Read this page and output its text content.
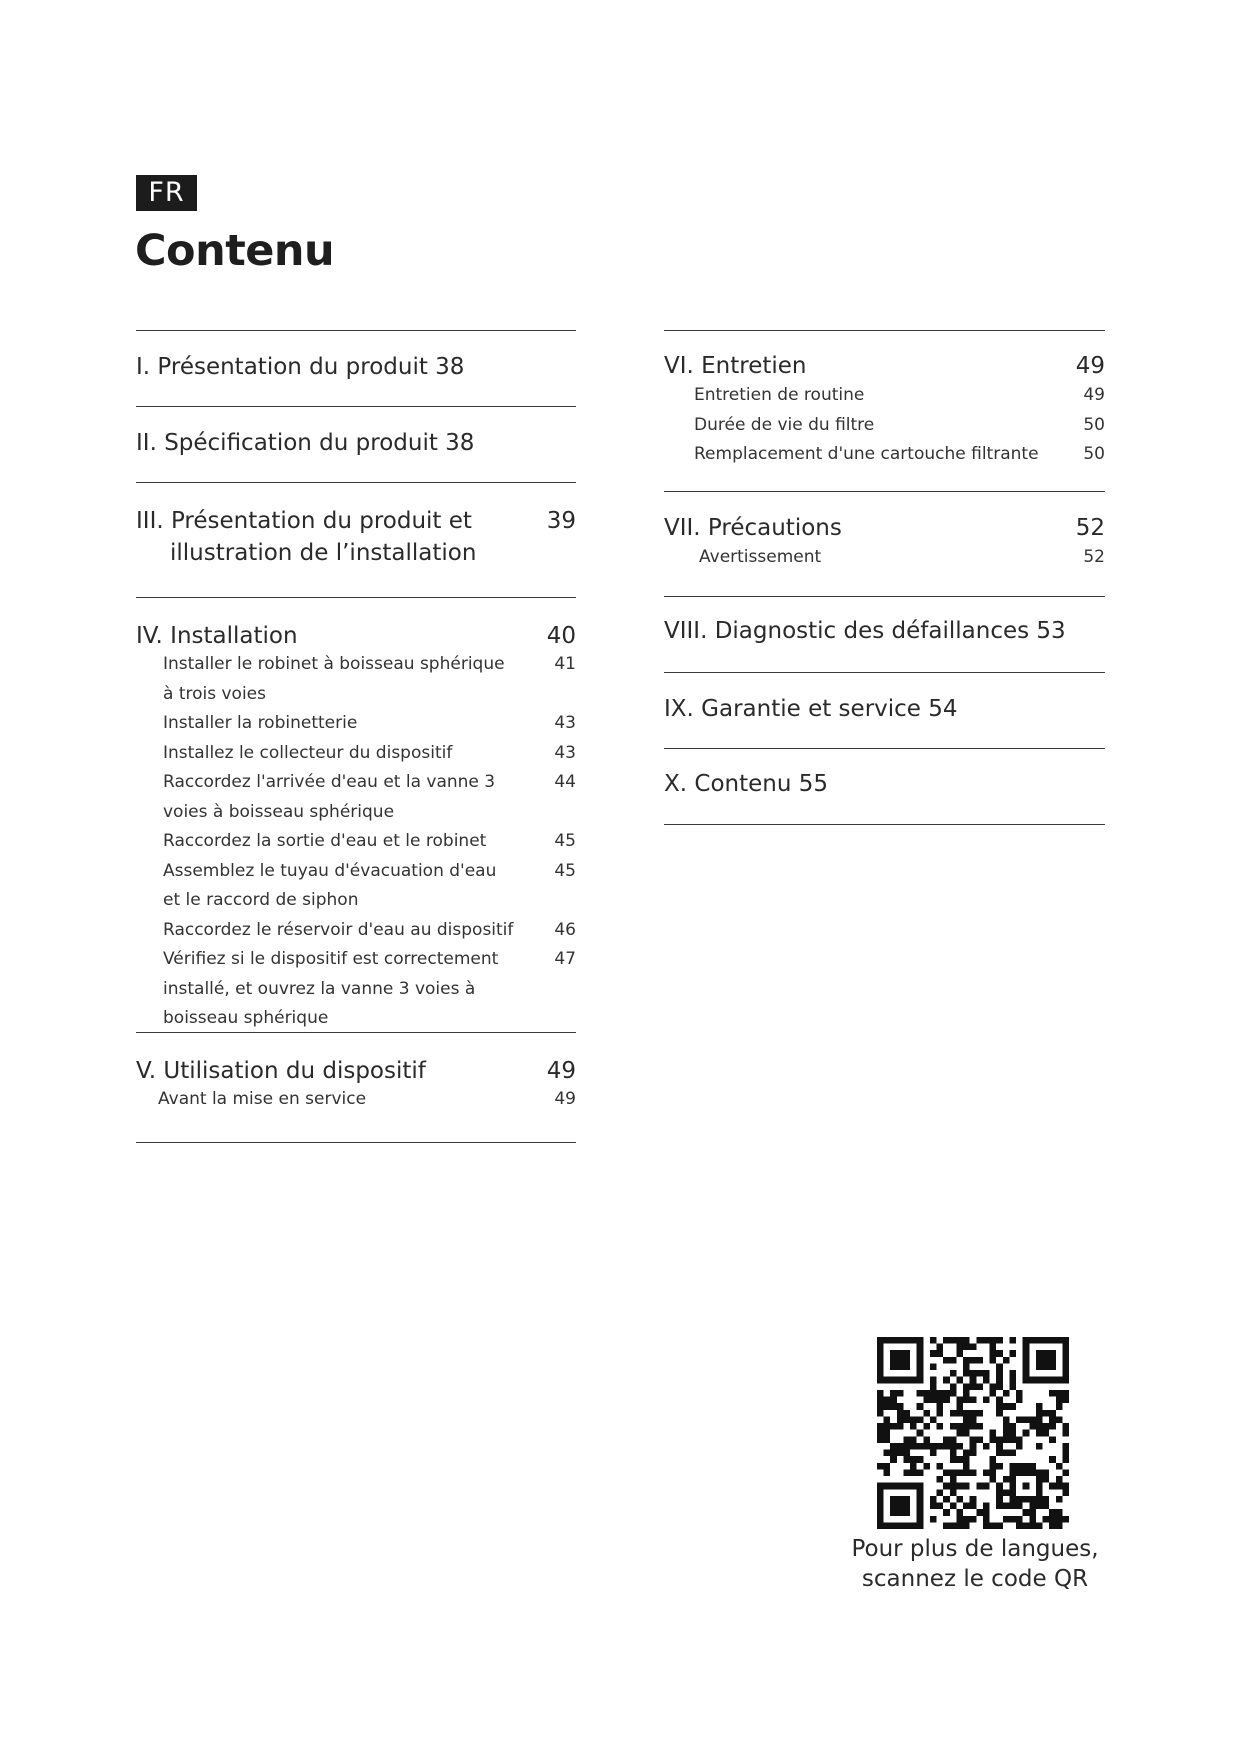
FR
Contenu
I. Présentation du produit 38
II. Spécification du produit 38
III. Présentation du produit et
illustration de l’installation
39
IV. Installation	40
Installer le robinet à boisseau sphérique
à trois voies
41
Installer la robinetterie	43
Installez le collecteur du dispositif	43
Raccordez l'arrivée d'eau et la vanne 3
voies à boisseau sphérique
44
Raccordez la sortie d'eau et le robinet	45
Assemblez le tuyau d'évacuation d'eau
et le raccord de siphon
45
Raccordez le réservoir d'eau au dispositif 46
Vérifiez si le dispositif est correctement
installé, et ouvrez la vanne 3 voies à
boisseau sphérique
47
V. Utilisation du dispositif	49
Avant la mise en service	49
VI. Entretien	49
Entretien de routine	49
Durée de vie du filtre	50
Remplacement d'une cartouche filtrante	50
VII. Précautions	52
Avertissement	52
VIII. Diagnostic des défaillances 53
IX. Garantie et service 54
X. Contenu 55
Pour plus de langues,
scannez le code QR
